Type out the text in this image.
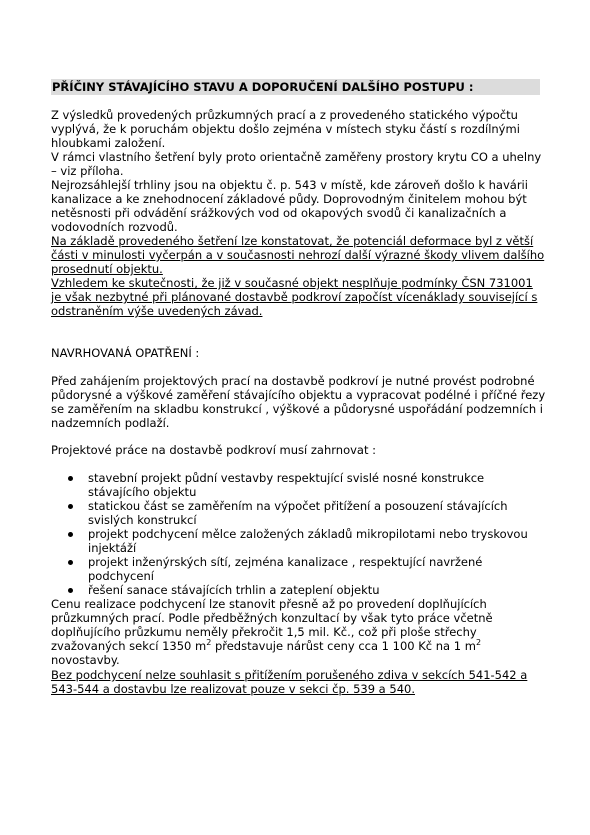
PŘÍČINY STÁVAJÍCÍHO STAVU A DOPORUČENÍ DALŠÍHO POSTUPU :

Z výsledků provedených průzkumných prací a z provedeného statického výpočtu vyplývá, že k poruchám objektu došlo zejména v místech styku částí s rozdílnými hloubkami založení.

V rámci vlastního šetření byly proto orientačně zaměřeny prostory krytu CO a uhelny – viz příloha.

Nejrozsáhlejší trhliny jsou na objektu č. p. 543 v místě, kde zároveň došlo k havárii kanalizace a ke znehodnocení základové půdy. Doprovodným činitelem mohou být netěsnosti při odvádění srážkových vod od okapových svodů či kanalizačních a vodovodních rozvodů.

Na základě provedeného šetření lze konstatovat, že potenciál deformace byl z větší části v minulosti vyčerpán a v současnosti nehrozí další výrazné škody vlivem dalšího prosednutí objektu.

Vzhledem ke skutečnosti, že již v současné objekt nesplňuje podmínky ČSN 731001 je však nezbytné při plánované dostavbě podkroví započíst vícenáklady související s odstraněním výše uvedených závad.

NAVRHOVANÁ OPATŘENÍ :
Před zahájením projektových prací na dostavbě podkroví je nutné provést podrobné půdorysné a výškové zaměření stávajícího objektu a vypracovat podélné i příčné řezy se zaměřením na skladbu konstrukcí , výškové a půdorysné uspořádání podzemních i nadzemních podlaží.
Projektové práce na dostavbě podkroví musí zahrnovat :
stavební projekt půdní vestavby respektující svislé nosné konstrukce stávajícího objektu
statickou část se zaměřením na výpočet přitížení a posouzení stávajících svislých konstrukcí
projekt podchycení mělce založených základů mikropilotami nebo tryskovou injektáží
projekt inženýrských sítí, zejména kanalizace , respektující navržené podchycení
řešení sanace stávajících trhlin a zateplení objektu
Cenu realizace podchycení lze stanovit přesně až po provedení doplňujících průzkumných prací. Podle předběžných konzultací by však tyto práce včetně doplňujícího průzkumu neměly překročit 1,5 mil. Kč., což při ploše střechy zvažovaných sekcí 1350 $m^2$ představuje nárůst ceny cca 1 100 Kč na 1 $m^2$ novostavby.
Bez podchycení nelze souhlasit s přitížením porušeného zdiva v sekcích 541-542 a 543-544 a dostavbu lze realizovat pouze v sekci čp. 539 a 540.
